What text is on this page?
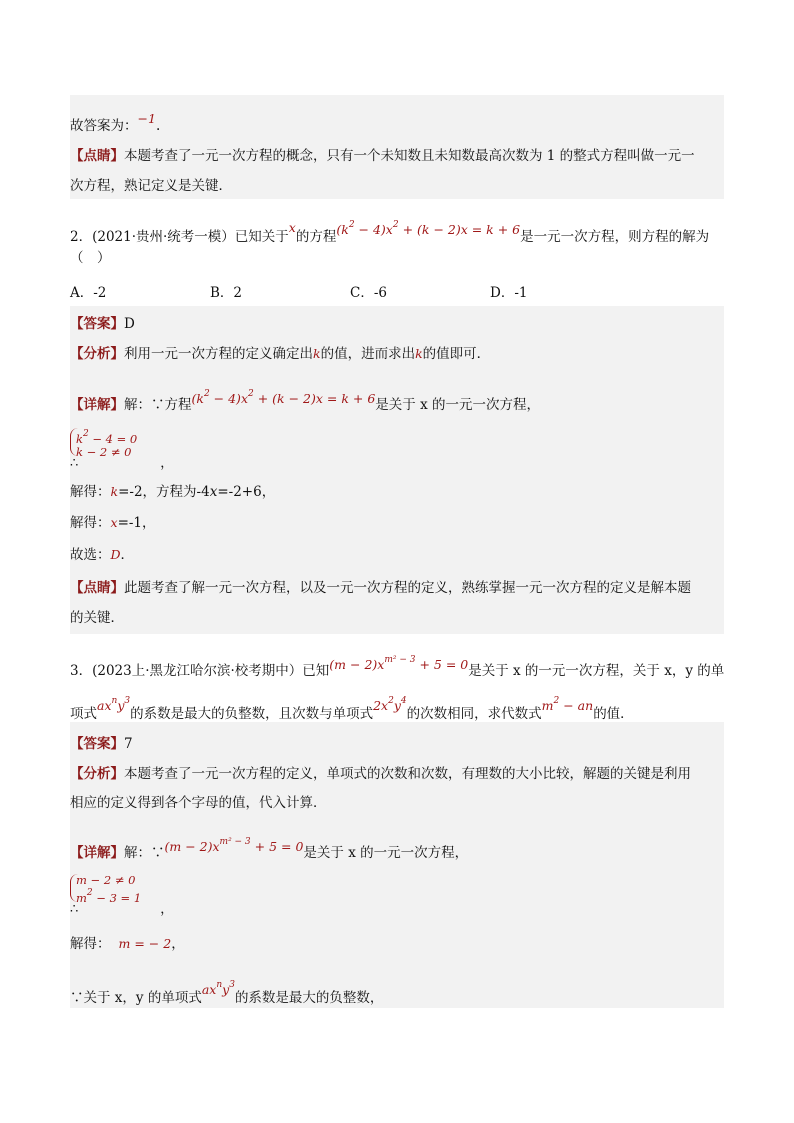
故答案为：−1.
【点睛】本题考查了一元一次方程的概念，只有一个未知数且未知数最高次数为 1 的整式方程叫做一元一
次方程，熟记定义是关键．
2．(2021·贵州·统考一模）已知关于x的方程$(k^2 - 4)x^2 + (k - 2)x = k + 6$是一元一次方程，则方程的解为
（　）
A．-2	B．2	C．-6	D．-1
【答案】D
【分析】利用一元一次方程的定义确定出k的值，进而求出k的值即可．
【详解】解：∵方程$(k^2 - 4)x^2 + (k - 2)x = k + 6$是关于 x 的一元一次方程，
$k^2 - 4 = 0$
k − 2 ≠ 0
∴	，
解得：k=-2，方程为-4x=-2+6，
解得：x=-1，
故选：D．
【点睛】此题考查了解一元一次方程，以及一元一次方程的定义，熟练掌握一元一次方程的定义是解本题
的关键．
3．(2023上·黑龙江哈尔滨·校考期中）已知$(m - 2)x^{m^2 - 3} + 5 = 0$是关于 x 的一元一次方程，关于 x，y 的单
项式$ax^ny^3$的系数是最大的负整数，且次数与单项式$2x^2y^4$的次数相同，求代数式$m^2$ − an的值．
【答案】7
【分析】本题考查了一元一次方程的定义，单项式的次数和次数，有理数的大小比较，解题的关键是利用
相应的定义得到各个字母的值，代入计算．
【详解】解：∵(m − $2)x^{m^2 - 3} + 5 = 0$是关于 x 的一元一次方程，
m − 2 ≠ 0
$m^2 - 3 = 1$
∴	，
解得： m = − 2，
∵关于 x，y 的单项式$ax^ny^3$的系数是最大的负整数，
